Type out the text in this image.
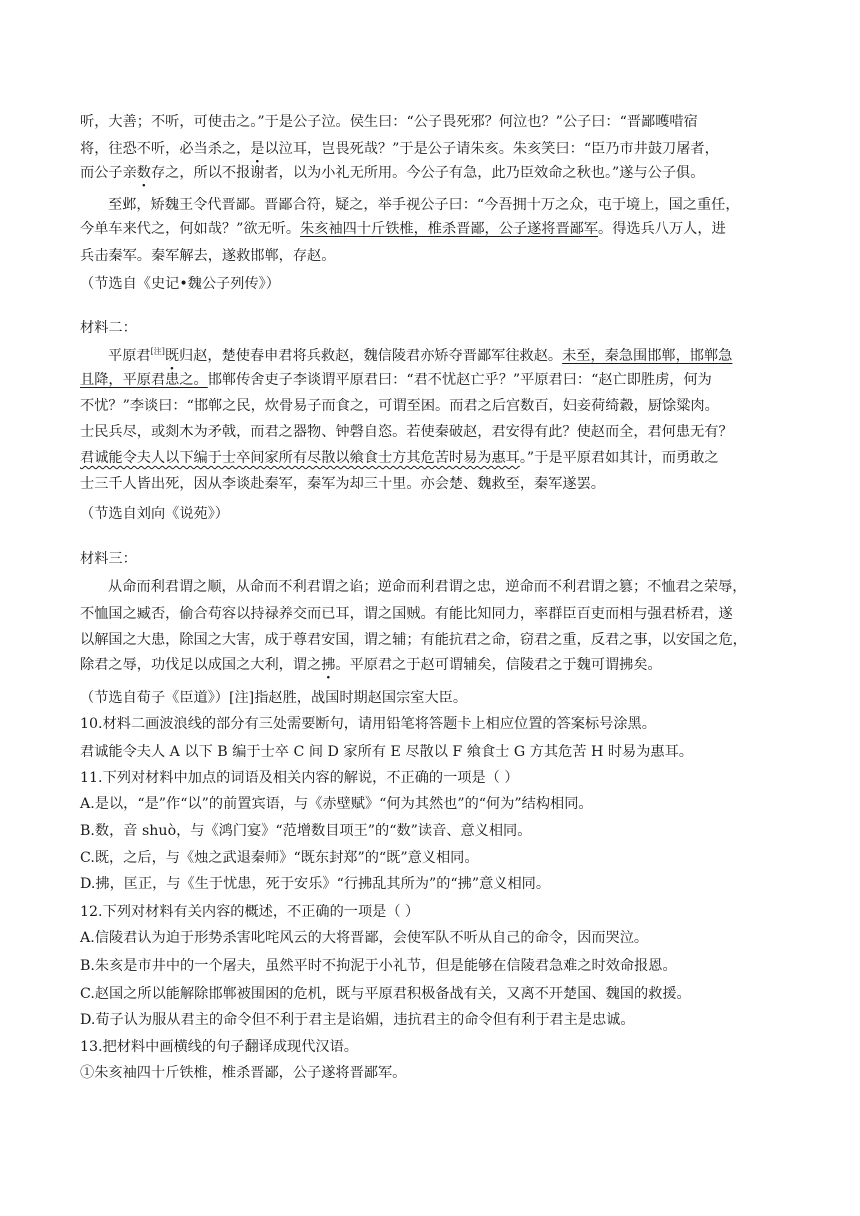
听，大善；不听，可使击之。”于是公子泣。侯生曰：“公子畏死邪？何泣也？”公子曰：“晋鄙嚄唶宿
将，往恐不听，必当杀之，是以泣耳，岂畏死哉？”于是公子请朱亥。朱亥笑曰：“臣乃市井鼓刀屠者，
而公子亲数存之，所以不报谢者，以为小礼无所用。今公子有急，此乃臣效命之秋也。”遂与公子俱。
至邺，矫魏王令代晋鄙。晋鄙合符，疑之，举手视公子曰：“今吾拥十万之众，屯于境上，国之重任，
今单车来代之，何如哉？”欲无听。朱亥袖四十斤铁椎，椎杀晋鄙，公子遂将晋鄙军。得选兵八万人，进
兵击秦军。秦军解去，遂救邯郸，存赵。
（节选自《史记•魏公子列传》）
材料二：
平原君[注]既归赵，楚使春申君将兵救赵，魏信陵君亦矫夺晋鄙军往救赵。未至，秦急围邯郸，邯郸急
且降，平原君患之。邯郸传舍吏子李谈谓平原君曰：“君不忧赵亡乎？”平原君曰：“赵亡即胜虏，何为
不忧？”李谈曰：“邯郸之民，炊骨易子而食之，可谓至困。而君之后宫数百，妇妾荷绮縠，厨馀粱肉。
士民兵尽，或剡木为矛戟，而君之器物、钟磬自恣。若使秦破赵，君安得有此？使赵而全，君何患无有？
君诚能令夫人以下编于士卒间家所有尽散以飨食士方其危苦时易为惠耳。”于是平原君如其计，而勇敢之
士三千人皆出死，因从李谈赴秦军，秦军为却三十里。亦会楚、魏救至，秦军遂罢。
（节选自刘向《说苑》）
材料三：
从命而利君谓之顺，从命而不利君谓之谄；逆命而利君谓之忠，逆命而不利君谓之篡；不恤君之荣辱，
不恤国之臧否，偷合苟容以持禄养交而已耳，谓之国贼。有能比知同力，率群臣百吏而相与强君桥君，遂
以解国之大患，除国之大害，成于尊君安国，谓之辅；有能抗君之命，窃君之重，反君之事，以安国之危，
除君之辱，功伐足以成国之大利，谓之拂。平原君之于赵可谓辅矣，信陵君之于魏可谓拂矣。
（节选自荀子《臣道》）[注]指赵胜，战国时期赵国宗室大臣。
10.材料二画波浪线的部分有三处需要断句，请用铅笔将答题卡上相应位置的答案标号涂黑。
君诚能令夫人 A 以下 B 编于士卒 C 间 D 家所有 E 尽散以 F 飨食士 G 方其危苦 H 时易为惠耳。
11.下列对材料中加点的词语及相关内容的解说，不正确的一项是（ ）
A.是以，“是”作“以”的前置宾语，与《赤壁赋》“何为其然也”的“何为”结构相同。
B.数，音 shuò，与《鸿门宴》“范增数目项王”的“数”读音、意义相同。
C.既，之后，与《烛之武退秦师》“既东封郑”的“既”意义相同。
D.拂，匡正，与《生于忧患，死于安乐》“行拂乱其所为”的“拂”意义相同。
12.下列对材料有关内容的概述，不正确的一项是（ ）
A.信陵君认为迫于形势杀害叱咤风云的大将晋鄙，会使军队不听从自己的命令，因而哭泣。
B.朱亥是市井中的一个屠夫，虽然平时不拘泥于小礼节，但是能够在信陵君急难之时效命报恩。
C.赵国之所以能解除邯郸被围困的危机，既与平原君积极备战有关，又离不开楚国、魏国的救援。
D.荀子认为服从君主的命令但不利于君主是谄媚，违抗君主的命令但有利于君主是忠诚。
13.把材料中画横线的句子翻译成现代汉语。
①朱亥袖四十斤铁椎，椎杀晋鄙，公子遂将晋鄙军。
